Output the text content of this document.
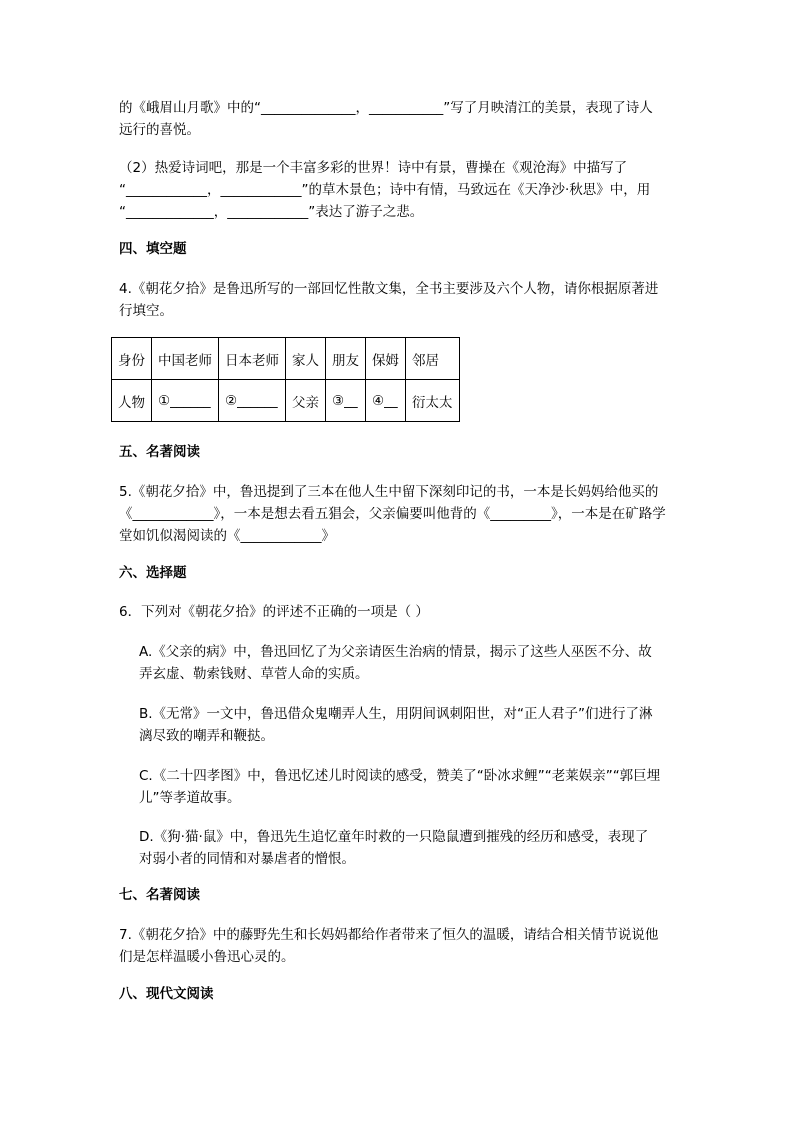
的《峨眉山月歌》中的“______________，___________”写了月映清江的美景，表现了诗人
远行的喜悦。
（2）热爱诗词吧，那是一个丰富多彩的世界！诗中有景，曹操在《观沧海》中描写了
“____________，____________”的草木景色；诗中有情，马致远在《天净沙·秋思》中，用
“_____________，____________”表达了游子之悲。
四、填空题
4.《朝花夕拾》是鲁迅所写的一部回忆性散文集，全书主要涉及六个人物，请你根据原著进
行填空。
身份	中国老师	日本老师	家人	朋友	保姆	邻居
人物	①______	②______	父亲	③__	④__	衍太太
五、名著阅读
5.《朝花夕拾》中，鲁迅提到了三本在他人生中留下深刻印记的书，一本是长妈妈给他买的
《____________》，一本是想去看五猖会，父亲偏要叫他背的《_________》，一本是在矿路学
堂如饥似渴阅读的《____________》
六、选择题
6．下列对《朝花夕拾》的评述不正确的一项是（ ）
A.《父亲的病》中，鲁迅回忆了为父亲请医生治病的情景，揭示了这些人巫医不分、故
弄玄虚、勒索钱财、草菅人命的实质。
B.《无常》一文中，鲁迅借众鬼嘲弄人生，用阴间讽刺阳世，对“正人君子”们进行了淋
漓尽致的嘲弄和鞭挞。
C.《二十四孝图》中，鲁迅忆述儿时阅读的感受，赞美了“卧冰求鲤”“老莱娱亲”“郭巨埋
儿”等孝道故事。
D.《狗·猫·鼠》中，鲁迅先生追忆童年时救的一只隐鼠遭到摧残的经历和感受，表现了
对弱小者的同情和对暴虐者的憎恨。
七、名著阅读
7.《朝花夕拾》中的藤野先生和长妈妈都给作者带来了恒久的温暖，请结合相关情节说说他
们是怎样温暖小鲁迅心灵的。
八、现代文阅读
